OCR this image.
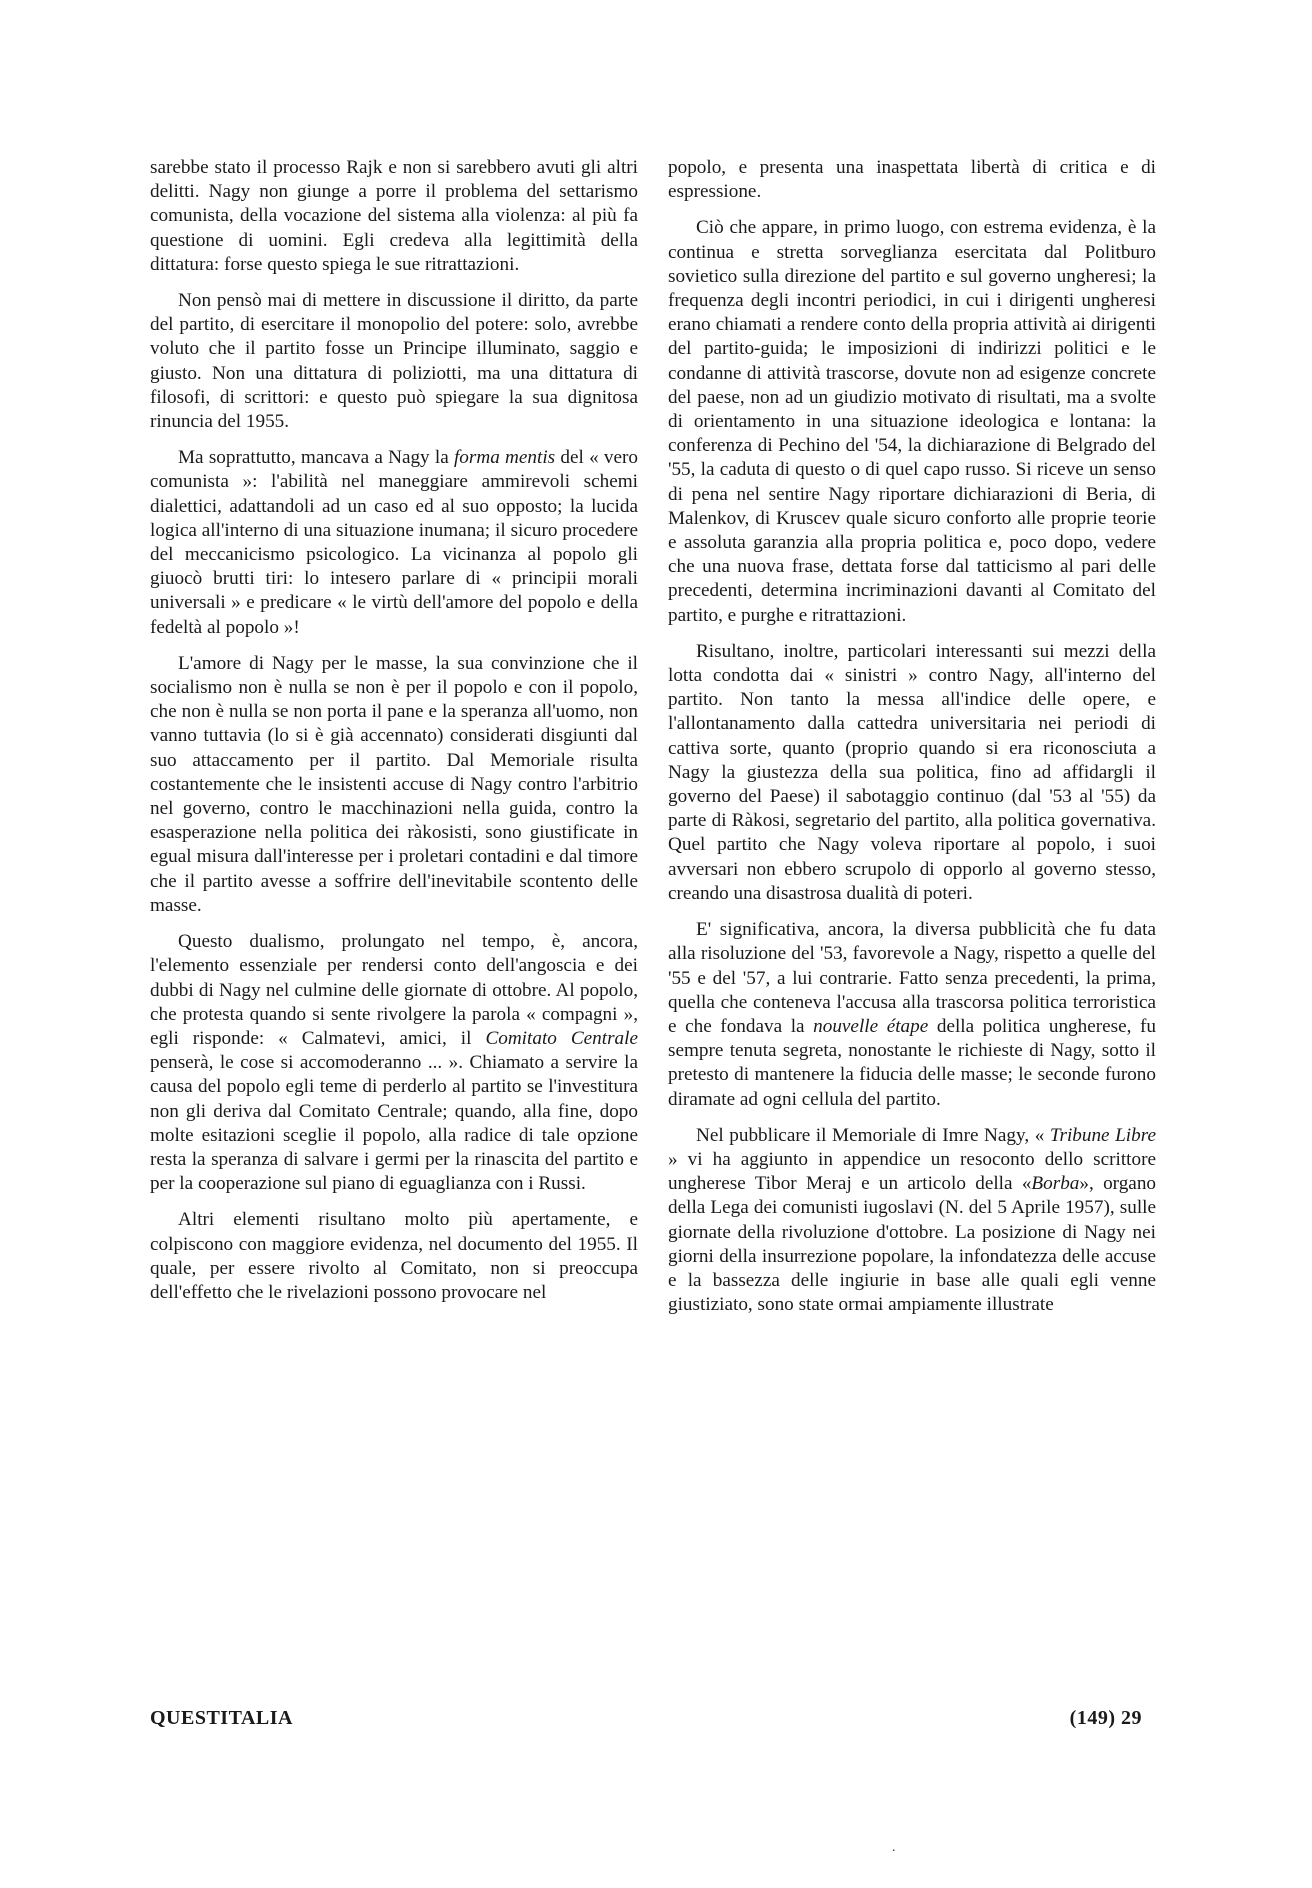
sarebbe stato il processo Rajk e non si sarebbero avuti gli altri delitti. Nagy non giunge a porre il problema del settarismo comunista, della vocazione del sistema alla violenza: al più fa questione di uomini. Egli credeva alla legittimità della dittatura: forse questo spiega le sue ritrattazioni.

Non pensò mai di mettere in discussione il diritto, da parte del partito, di esercitare il monopolio del potere: solo, avrebbe voluto che il partito fosse un Principe illuminato, saggio e giusto. Non una dittatura di poliziotti, ma una dittatura di filosofi, di scrittori: e questo può spiegare la sua dignitosa rinuncia del 1955.

Ma soprattutto, mancava a Nagy la forma mentis del « vero comunista »: l'abilità nel maneggiare ammirevoli schemi dialettici, adattandoli ad un caso ed al suo opposto; la lucida logica all'interno di una situazione inumana; il sicuro procedere del meccanicismo psicologico. La vicinanza al popolo gli giuocò brutti tiri: lo intesero parlare di « principii morali universali » e predicare « le virtù dell'amore del popolo e della fedeltà al popolo »!

L'amore di Nagy per le masse, la sua convinzione che il socialismo non è nulla se non è per il popolo e con il popolo, che non è nulla se non porta il pane e la speranza all'uomo, non vanno tuttavia (lo si è già accennato) considerati disgiunti dal suo attaccamento per il partito. Dal Memoriale risulta costantemente che le insistenti accuse di Nagy contro l'arbitrio nel governo, contro le macchinazioni nella guida, contro la esasperazione nella politica dei ràkosisti, sono giustificate in egual misura dall'interesse per i proletari contadini e dal timore che il partito avesse a soffrire dell'inevitabile scontento delle masse.

Questo dualismo, prolungato nel tempo, è, ancora, l'elemento essenziale per rendersi conto dell'angoscia e dei dubbi di Nagy nel culmine delle giornate di ottobre. Al popolo, che protesta quando si sente rivolgere la parola « compagni », egli risponde: « Calmatevi, amici, il Comitato Centrale penserà, le cose si accomoderanno ... ». Chiamato a servire la causa del popolo egli teme di perderlo al partito se l'investitura non gli deriva dal Comitato Centrale; quando, alla fine, dopo molte esitazioni sceglie il popolo, alla radice di tale opzione resta la speranza di salvare i germi per la rinascita del partito e per la cooperazione sul piano di eguaglianza con i Russi.

Altri elementi risultano molto più apertamente, e colpiscono con maggiore evidenza, nel documento del 1955. Il quale, per essere rivolto al Comitato, non si preoccupa dell'effetto che le rivelazioni possono provocare nel

popolo, e presenta una inaspettata libertà di critica e di espressione.

Ciò che appare, in primo luogo, con estrema evidenza, è la continua e stretta sorveglianza esercitata dal Politburo sovietico sulla direzione del partito e sul governo ungheresi; la frequenza degli incontri periodici, in cui i dirigenti ungheresi erano chiamati a rendere conto della propria attività ai dirigenti del partito-guida; le imposizioni di indirizzi politici e le condanne di attività trascorse, dovute non ad esigenze concrete del paese, non ad un giudizio motivato di risultati, ma a svolte di orientamento in una situazione ideologica e lontana: la conferenza di Pechino del '54, la dichiarazione di Belgrado del '55, la caduta di questo o di quel capo russo. Si riceve un senso di pena nel sentire Nagy riportare dichiarazioni di Beria, di Malenkov, di Kruscev quale sicuro conforto alle proprie teorie e assoluta garanzia alla propria politica e, poco dopo, vedere che una nuova frase, dettata forse dal tatticismo al pari delle precedenti, determina incriminazioni davanti al Comitato del partito, e purghe e ritrattazioni.

Risultano, inoltre, particolari interessanti sui mezzi della lotta condotta dai « sinistri » contro Nagy, all'interno del partito. Non tanto la messa all'indice delle opere, e l'allontanamento dalla cattedra universitaria nei periodi di cattiva sorte, quanto (proprio quando si era riconosciuta a Nagy la giustezza della sua politica, fino ad affidargli il governo del Paese) il sabotaggio continuo (dal '53 al '55) da parte di Ràkosi, segretario del partito, alla politica governativa. Quel partito che Nagy voleva riportare al popolo, i suoi avversari non ebbero scrupolo di opporlo al governo stesso, creando una disastrosa dualità di poteri.

E' significativa, ancora, la diversa pubblicità che fu data alla risoluzione del '53, favorevole a Nagy, rispetto a quelle del '55 e del '57, a lui contrarie. Fatto senza precedenti, la prima, quella che conteneva l'accusa alla trascorsa politica terroristica e che fondava la nouvelle étape della politica ungherese, fu sempre tenuta segreta, nonostante le richieste di Nagy, sotto il pretesto di mantenere la fiducia delle masse; le seconde furono diramate ad ogni cellula del partito.

Nel pubblicare il Memoriale di Imre Nagy, « Tribune Libre » vi ha aggiunto in appendice un resoconto dello scrittore ungherese Tibor Meraj e un articolo della «Borba», organo della Lega dei comunisti iugoslavi (N. del 5 Aprile 1957), sulle giornate della rivoluzione d'ottobre. La posizione di Nagy nei giorni della insurrezione popolare, la infondatezza delle accuse e la bassezza delle ingiurie in base alle quali egli venne giustiziato, sono state ormai ampiamente illustrate

QUESTITALIA	(149) 29
.
